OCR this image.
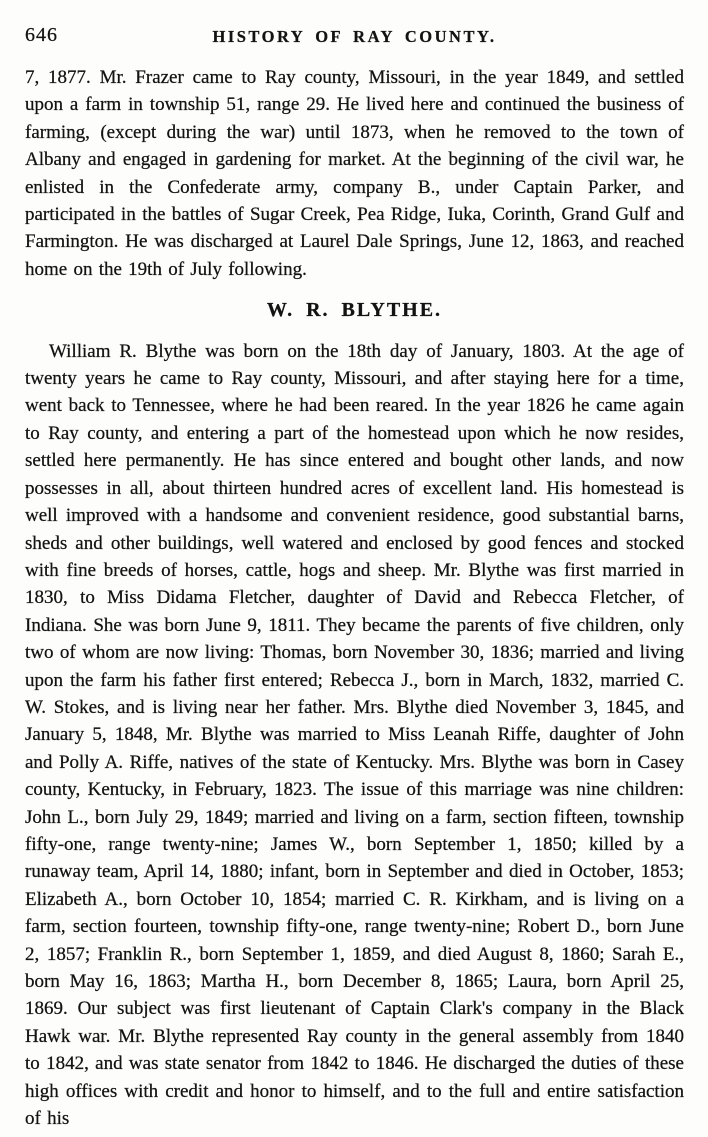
646	HISTORY OF RAY COUNTY.

7, 1877. Mr. Frazer came to Ray county, Missouri, in the year 1849, and settled upon a farm in township 51, range 29. He lived here and continued the business of farming, (except during the war) until 1873, when he removed to the town of Albany and engaged in gardening for market. At the beginning of the civil war, he enlisted in the Confederate army, company B., under Captain Parker, and participated in the battles of Sugar Creek, Pea Ridge, Iuka, Corinth, Grand Gulf and Farmington. He was discharged at Laurel Dale Springs, June 12, 1863, and reached home on the 19th of July following.

W. R. BLYTHE.

William R. Blythe was born on the 18th day of January, 1803. At the age of twenty years he came to Ray county, Missouri, and after staying here for a time, went back to Tennessee, where he had been reared. In the year 1826 he came again to Ray county, and entering a part of the homestead upon which he now resides, settled here permanently. He has since entered and bought other lands, and now possesses in all, about thirteen hundred acres of excellent land. His homestead is well improved with a handsome and convenient residence, good substantial barns, sheds and other buildings, well watered and enclosed by good fences and stocked with fine breeds of horses, cattle, hogs and sheep. Mr. Blythe was first married in 1830, to Miss Didama Fletcher, daughter of David and Rebecca Fletcher, of Indiana. She was born June 9, 1811. They became the parents of five children, only two of whom are now living: Thomas, born November 30, 1836; married and living upon the farm his father first entered; Rebecca J., born in March, 1832, married C. W. Stokes, and is living near her father. Mrs. Blythe died November 3, 1845, and January 5, 1848, Mr. Blythe was married to Miss Leanah Riffe, daughter of John and Polly A. Riffe, natives of the state of Kentucky. Mrs. Blythe was born in Casey county, Kentucky, in February, 1823. The issue of this marriage was nine children: John L., born July 29, 1849; married and living on a farm, section fifteen, township fifty-one, range twenty-nine; James W., born September 1, 1850; killed by a runaway team, April 14, 1880; infant, born in September and died in October, 1853; Elizabeth A., born October 10, 1854; married C. R. Kirkham, and is living on a farm, section fourteen, township fifty-one, range twenty-nine; Robert D., born June 2, 1857; Franklin R., born September 1, 1859, and died August 8, 1860; Sarah E., born May 16, 1863; Martha H., born December 8, 1865; Laura, born April 25, 1869. Our subject was first lieutenant of Captain Clark's company in the Black Hawk war. Mr. Blythe represented Ray county in the general assembly from 1840 to 1842, and was state senator from 1842 to 1846. He discharged the duties of these high offices with credit and honor to himself, and to the full and entire satisfaction of his
